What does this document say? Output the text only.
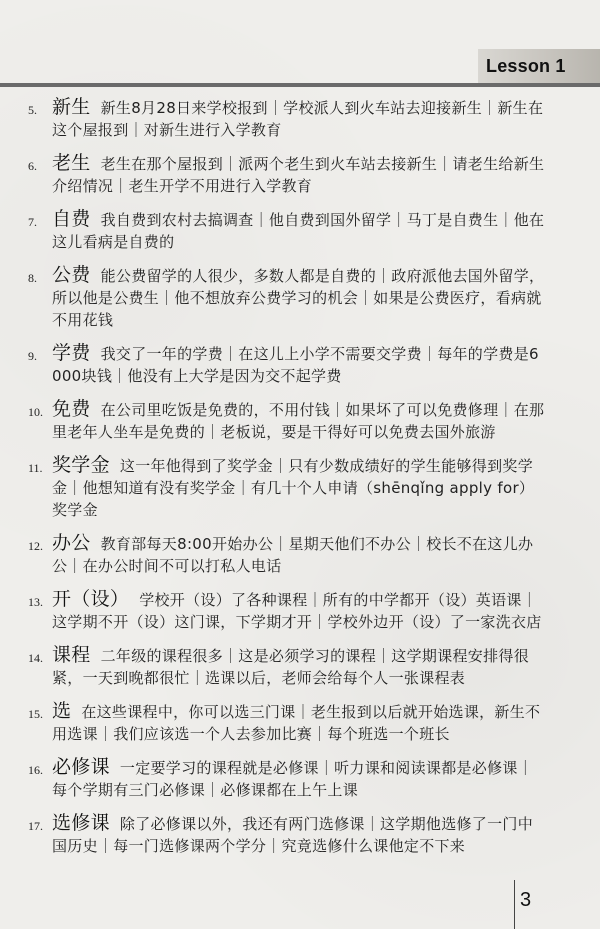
Lesson 1
5. 新生 新生8月28日来学校报到｜学校派人到火车站去迎接新生｜新生在这个屋报到｜对新生进行入学教育
6. 老生 老生在那个屋报到｜派两个老生到火车站去接新生｜请老生给新生介绍情况｜老生开学不用进行入学教育
7. 自费 我自费到农村去搞调查｜他自费到国外留学｜马丁是自费生｜他在这儿看病是自费的
8. 公费 能公费留学的人很少，多数人都是自费的｜政府派他去国外留学，所以他是公费生｜他不想放弃公费学习的机会｜如果是公费医疗，看病就不用花钱
9. 学费 我交了一年的学费｜在这儿上小学不需要交学费｜每年的学费是6000块钱｜他没有上大学是因为交不起学费
10. 免费 在公司里吃饭是免费的，不用付钱｜如果坏了可以免费修理｜在那里老年人坐车是免费的｜老板说，要是干得好可以免费去国外旅游
11. 奖学金 这一年他得到了奖学金｜只有少数成绩好的学生能够得到奖学金｜他想知道有没有奖学金｜有几十个人申请（shēnqǐng apply for）奖学金
12. 办公 教育部每天8:00开始办公｜星期天他们不办公｜校长不在这儿办公｜在办公时间不可以打私人电话
13. 开（设） 学校开（设）了各种课程｜所有的中学都开（设）英语课｜这学期不开（设）这门课，下学期才开｜学校外边开（设）了一家洗衣店
14. 课程 二年级的课程很多｜这是必须学习的课程｜这学期课程安排得很紧，一天到晚都很忙｜选课以后，老师会给每个人一张课程表
15. 选 在这些课程中，你可以选三门课｜老生报到以后就开始选课，新生不用选课｜我们应该选一个人去参加比赛｜每个班选一个班长
16. 必修课 一定要学习的课程就是必修课｜听力课和阅读课都是必修课｜每个学期有三门必修课｜必修课都在上午上课
17. 选修课 除了必修课以外，我还有两门选修课｜这学期他选修了一门中国历史｜每一门选修课两个学分｜究竟选修什么课他定不下来
3
